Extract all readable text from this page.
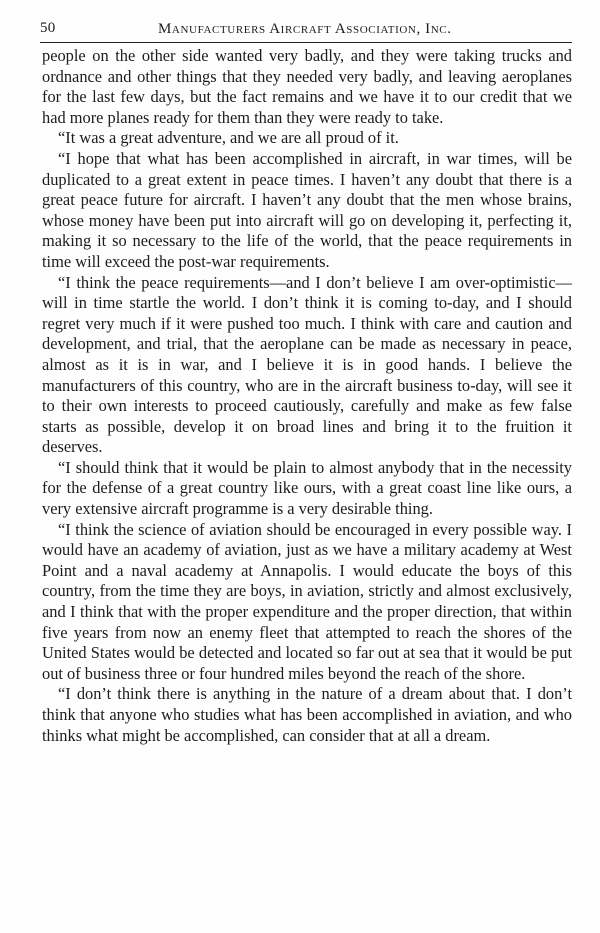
50	Manufacturers Aircraft Association, Inc.

people on the other side wanted very badly, and they were taking trucks and ordnance and other things that they needed very badly, and leaving aeroplanes for the last few days, but the fact remains and we have it to our credit that we had more planes ready for them than they were ready to take.

“It was a great adventure, and we are all proud of it.

“I hope that what has been accomplished in aircraft, in war times, will be duplicated to a great extent in peace times. I haven’t any doubt that there is a great peace future for aircraft. I haven’t any doubt that the men whose brains, whose money have been put into aircraft will go on developing it, perfecting it, making it so necessary to the life of the world, that the peace requirements in time will exceed the post-war requirements.

“I think the peace requirements—and I don’t believe I am over-optimistic—will in time startle the world. I don’t think it is coming to-day, and I should regret very much if it were pushed too much. I think with care and caution and development, and trial, that the aeroplane can be made as necessary in peace, almost as it is in war, and I believe it is in good hands. I believe the manufacturers of this country, who are in the aircraft business to-day, will see it to their own interests to proceed cautiously, carefully and make as few false starts as possible, develop it on broad lines and bring it to the fruition it deserves.

“I should think that it would be plain to almost anybody that in the necessity for the defense of a great country like ours, with a great coast line like ours, a very extensive aircraft programme is a very desirable thing.

“I think the science of aviation should be encouraged in every possible way. I would have an academy of aviation, just as we have a military academy at West Point and a naval academy at Annapolis. I would educate the boys of this country, from the time they are boys, in aviation, strictly and almost exclusively, and I think that with the proper expenditure and the proper direction, that within five years from now an enemy fleet that attempted to reach the shores of the United States would be detected and located so far out at sea that it would be put out of business three or four hundred miles beyond the reach of the shore.

“I don’t think there is anything in the nature of a dream about that. I don’t think that anyone who studies what has been accomplished in aviation, and who thinks what might be accomplished, can consider that at all a dream.
